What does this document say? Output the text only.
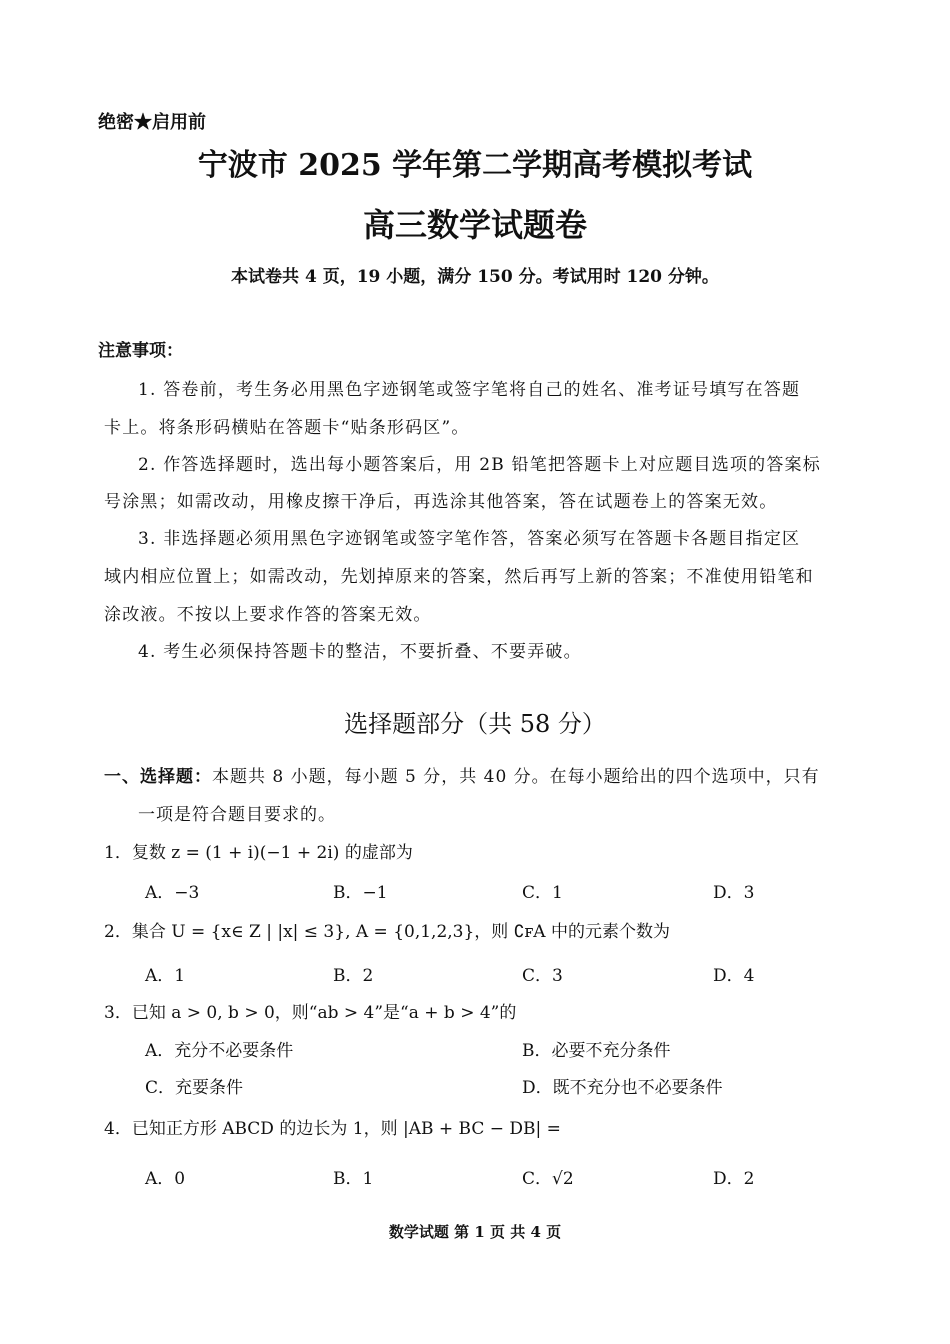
绝密★启用前
宁波市 2025 学年第二学期高考模拟考试
高三数学试题卷
本试卷共 4 页，19 小题，满分 150 分。考试用时 120 分钟。
注意事项：
1. 答卷前，考生务必用黑色字迹钢笔或签字笔将自己的姓名、准考证号填写在答题
卡上。将条形码横贴在答题卡“贴条形码区”。
2. 作答选择题时，选出每小题答案后，用 2B 铅笔把答题卡上对应题目选项的答案标
号涂黑；如需改动，用橡皮擦干净后，再选涂其他答案，答在试题卷上的答案无效。
3. 非选择题必须用黑色字迹钢笔或签字笔作答，答案必须写在答题卡各题目指定区
域内相应位置上；如需改动，先划掉原来的答案，然后再写上新的答案；不准使用铅笔和
涂改液。不按以上要求作答的答案无效。
4. 考生必须保持答题卡的整洁，不要折叠、不要弄破。
选择题部分（共 58 分）
一、选择题：本题共 8 小题，每小题 5 分，共 40 分。在每小题给出的四个选项中，只有
一项是符合题目要求的。
1．复数 z = (1 + i)(−1 + 2i) 的虚部为
A．−3	B．−1	C．1	D．3
2．集合 U = {x∈ Z | |x| ≤ 3}, A = {0,1,2,3}，则 ∁ꜰA 中的元素个数为
A．1	B．2	C．3	D．4
3．已知 a > 0, b > 0，则“ab > 4”是“a + b > 4”的
A．充分不必要条件	B．必要不充分条件
C．充要条件	D．既不充分也不必要条件
4．已知正方形 ABCD 的边长为 1，则 |AB + BC − DB| =
A．0	B．1	C．√2	D．2
数学试题 第 1 页 共 4 页
